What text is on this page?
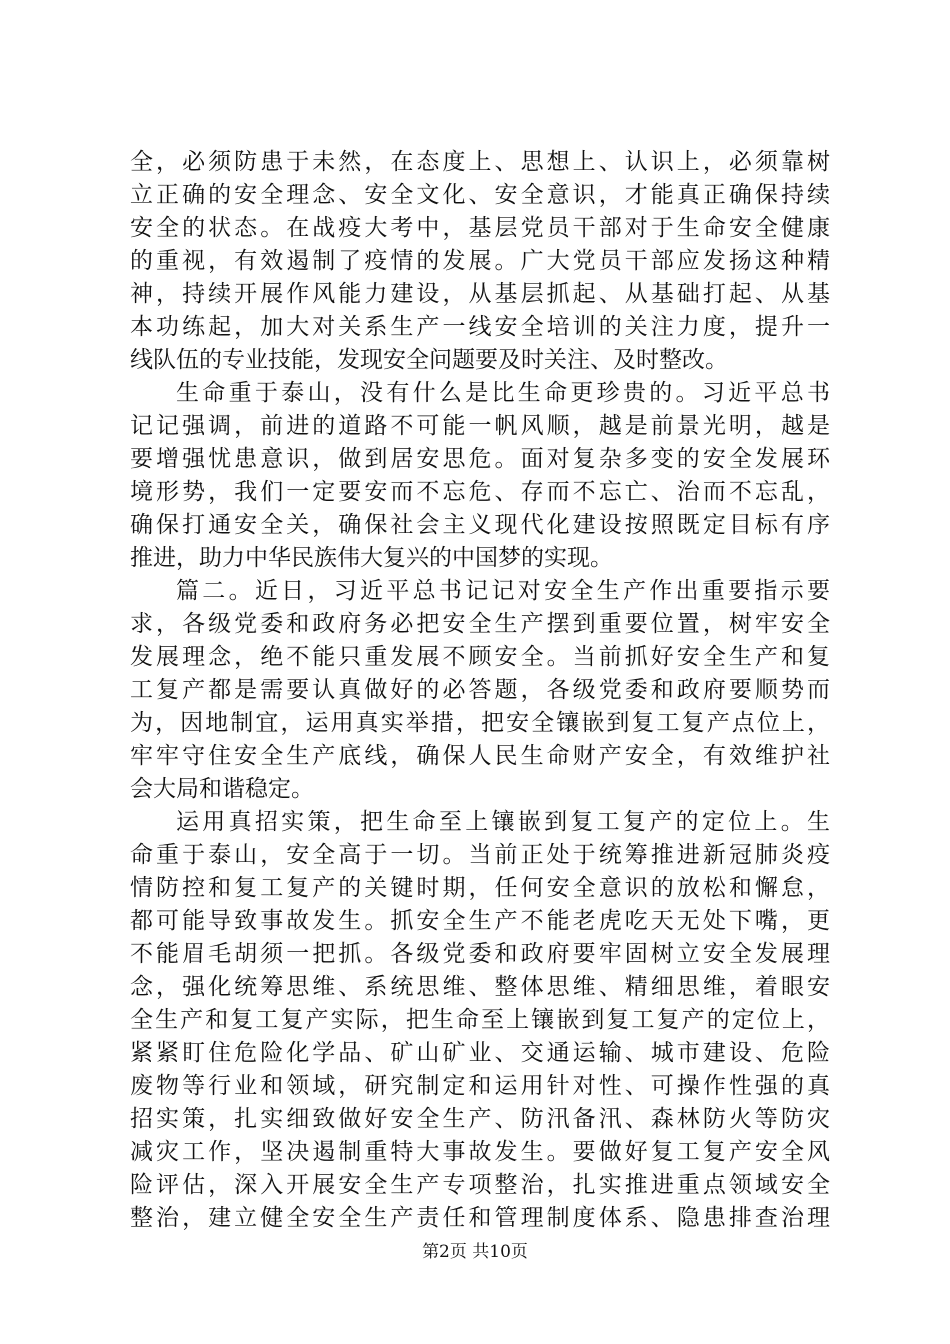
全，必须防患于未然，在态度上、思想上、认识上，必须靠树
立正确的安全理念、安全文化、安全意识，才能真正确保持续
安全的状态。在战疫大考中，基层党员干部对于生命安全健康
的重视，有效遏制了疫情的发展。广大党员干部应发扬这种精
神，持续开展作风能力建设，从基层抓起、从基础打起、从基
本功练起，加大对关系生产一线安全培训的关注力度，提升一
线队伍的专业技能，发现安全问题要及时关注、及时整改。
生命重于泰山，没有什么是比生命更珍贵的。习近平总书
记记强调，前进的道路不可能一帆风顺，越是前景光明，越是
要增强忧患意识，做到居安思危。面对复杂多变的安全发展环
境形势，我们一定要安而不忘危、存而不忘亡、治而不忘乱，
确保打通安全关，确保社会主义现代化建设按照既定目标有序
推进，助力中华民族伟大复兴的中国梦的实现。
篇二。近日，习近平总书记记对安全生产作出重要指示要
求，各级党委和政府务必把安全生产摆到重要位置，树牢安全
发展理念，绝不能只重发展不顾安全。当前抓好安全生产和复
工复产都是需要认真做好的必答题，各级党委和政府要顺势而
为，因地制宜，运用真实举措，把安全镶嵌到复工复产点位上，
牢牢守住安全生产底线，确保人民生命财产安全，有效维护社
会大局和谐稳定。
运用真招实策，把生命至上镶嵌到复工复产的定位上。生
命重于泰山，安全高于一切。当前正处于统筹推进新冠肺炎疫
情防控和复工复产的关键时期，任何安全意识的放松和懈怠，
都可能导致事故发生。抓安全生产不能老虎吃天无处下嘴，更
不能眉毛胡须一把抓。各级党委和政府要牢固树立安全发展理
念，强化统筹思维、系统思维、整体思维、精细思维，着眼安
全生产和复工复产实际，把生命至上镶嵌到复工复产的定位上，
紧紧盯住危险化学品、矿山矿业、交通运输、城市建设、危险
废物等行业和领域，研究制定和运用针对性、可操作性强的真
招实策，扎实细致做好安全生产、防汛备汛、森林防火等防灾
减灾工作，坚决遏制重特大事故发生。要做好复工复产安全风
险评估，深入开展安全生产专项整治，扎实推进重点领域安全
整治，建立健全安全生产责任和管理制度体系、隐患排查治理
第2页 共10页
